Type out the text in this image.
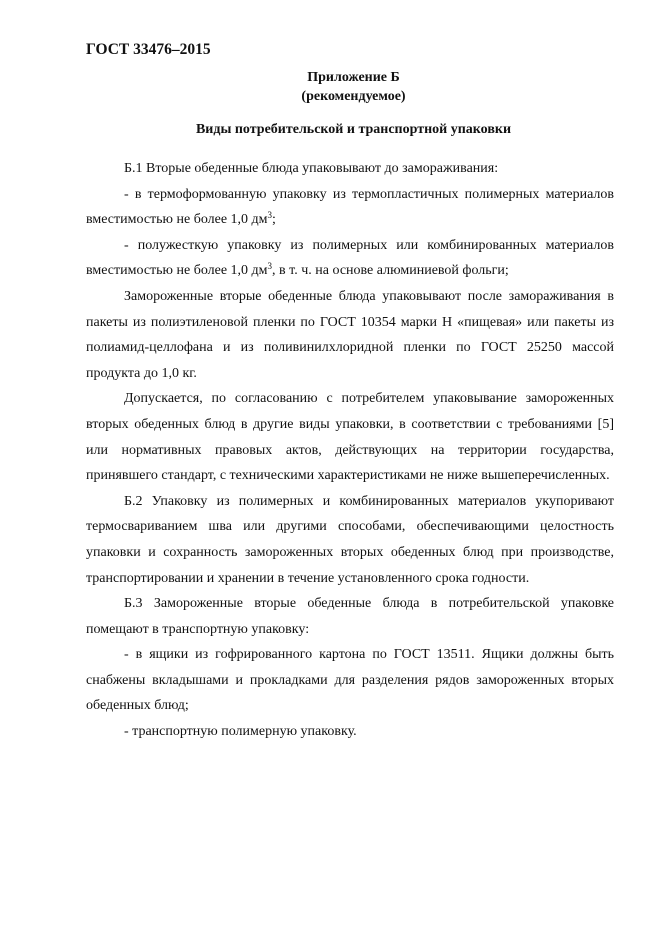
ГОСТ 33476–2015
Приложение Б
(рекомендуемое)
Виды потребительской и транспортной упаковки

Б.1 Вторые обеденные блюда упаковывают до замораживания:

- в термоформованную упаковку из термопластичных полимерных материалов вместимостью не более 1,0 $дм^3$;

- полужесткую упаковку из полимерных или комбинированных материалов вместимостью не более 1,0 $дм^3$, в т. ч. на основе алюминиевой фольги;

Замороженные вторые обеденные блюда упаковывают после замораживания в пакеты из полиэтиленовой пленки по ГОСТ 10354 марки Н «пищевая» или пакеты из полиамид-целлофана и из поливинилхлоридной пленки по ГОСТ 25250 массой продукта до 1,0 кг.

Допускается, по согласованию с потребителем упаковывание замороженных вторых обеденных блюд в другие виды упаковки, в соответствии с требованиями [5] или нормативных правовых актов, действующих на территории государства, принявшего стандарт, с техническими характеристиками не ниже вышеперечисленных.

Б.2 Упаковку из полимерных и комбинированных материалов укупоривают термосвариванием шва или другими способами, обеспечивающими целостность упаковки и сохранность замороженных вторых обеденных блюд при производстве, транспортировании и хранении в течение установленного срока годности.

Б.3 Замороженные вторые обеденные блюда в потребительской упаковке помещают в транспортную упаковку:

- в ящики из гофрированного картона по ГОСТ 13511. Ящики должны быть снабжены вкладышами и прокладками для разделения рядов замороженных вторых обеденных блюд;

- транспортную полимерную упаковку.
